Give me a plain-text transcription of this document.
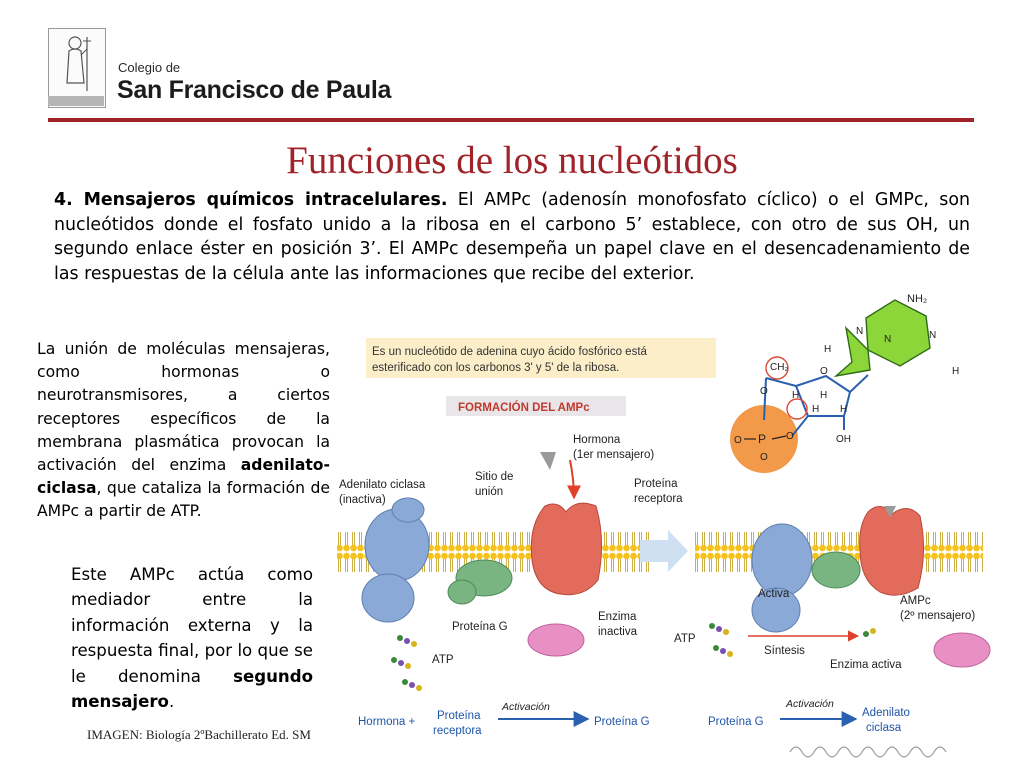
Colegio de
San Francisco de Paula
Funciones de los nucleótidos
4. Mensajeros químicos intracelulares. El AMPc (adenosín monofosfato cíclico) o el GMPc, son nucleótidos donde el fosfato unido a la ribosa en el carbono 5’ establece, con otro de sus OH, un segundo enlace éster en posición 3’. El AMPc desempeña un papel clave en el desencadenamiento de las respuestas de la célula ante las informaciones que recibe del exterior.
La unión de moléculas mensajeras, como hormonas o neurotransmisores, a ciertos receptores específicos de la membrana plasmática provocan la activación del enzima adenilato-ciclasa, que cataliza la formación de AMPc a partir de ATP.
Este AMPc actúa como mediador entre la información externa y la respuesta final, por lo que se le denomina segundo mensajero.
IMAGEN: Biología 2ºBachillerato Ed. SM
Es un nucleótido de adenina cuyo ácido fosfórico está
esterificado con los carbonos 3' y 5' de la ribosa.
FORMACIÓN DEL AMPc
NH₂
N
N
N
H
H
CH₂
O
O
H H
H
H
O	OH
P
O
O
Adenilato ciclasa
(inactiva)
Sitio de
unión
Hormona
(1er mensajero)
Proteína
receptora
Proteína G
Enzima
inactiva
ATP
Activa
ATP
Síntesis
AMPc
(2º mensajero)
Enzima activa
Hormona + Proteína
receptora
Activación
Proteína G	Proteína G
Activación
Adenilato
ciclasa
